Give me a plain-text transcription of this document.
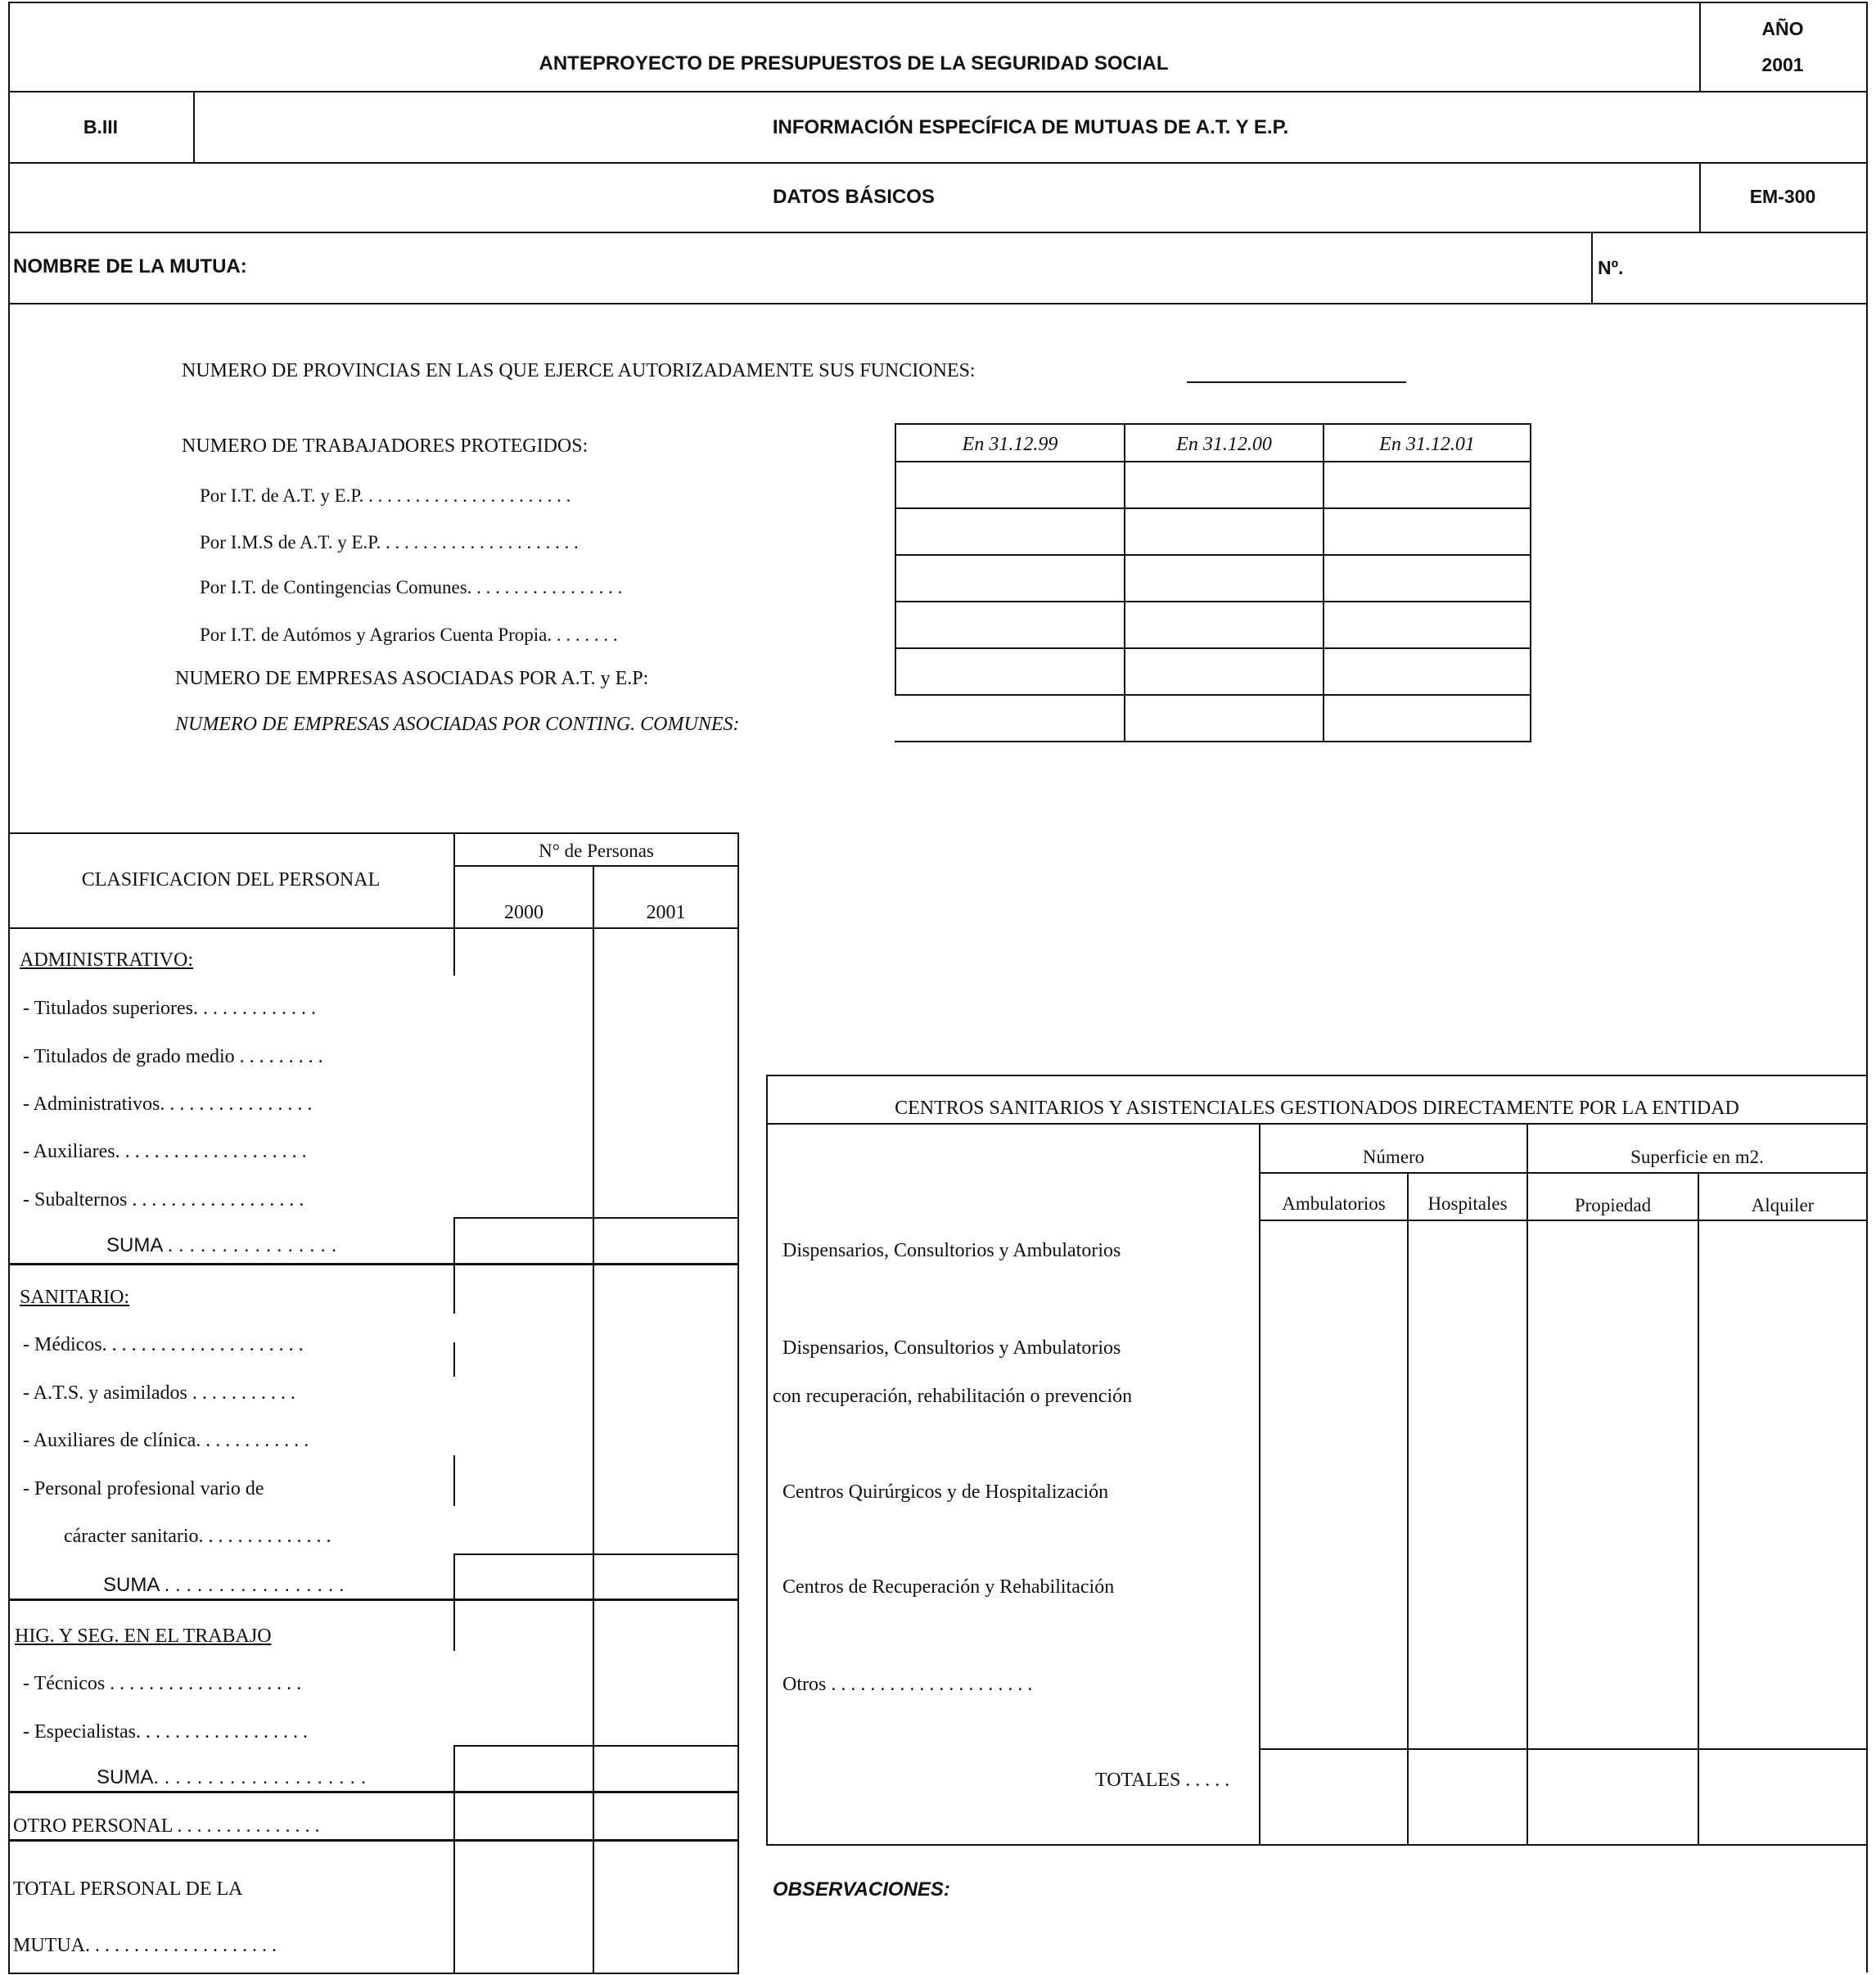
ANTEPROYECTO DE PRESUPUESTOS DE LA SEGURIDAD SOCIAL
AÑO
2001
B.III	INFORMACIÓN ESPECÍFICA DE MUTUAS DE A.T. Y E.P.
DATOS BÁSICOS	EM-300
NOMBRE DE LA MUTUA:	Nº.
NUMERO DE PROVINCIAS EN LAS QUE EJERCE AUTORIZADAMENTE SUS FUNCIONES:
NUMERO DE TRABAJADORES PROTEGIDOS:	En 31.12.99	En 31.12.00	En 31.12.01
Por I.T. de A.T. y E.P. . . . . . . . . . . . . . . . . . . . . . .
Por I.M.S de A.T. y E.P. . . . . . . . . . . . . . . . . . . . . .
Por I.T. de Contingencias Comunes. . . . . . . . . . . . . . . . .
Por I.T. de Autómos y Agrarios Cuenta Propia. . . . . . . .
NUMERO DE EMPRESAS ASOCIADAS POR A.T. y E.P:
NUMERO DE EMPRESAS ASOCIADAS POR CONTING. COMUNES:
CLASIFICACION DEL PERSONAL
N° de Personas
2000	2001
ADMINISTRATIVO:
- Titulados superiores. . . . . . . . . . . . .
- Titulados de grado medio . . . . . . . . .
- Administrativos. . . . . . . . . . . . . . . .
- Auxiliares. . . . . . . . . . . . . . . . . . . .
- Subalternos . . . . . . . . . . . . . . . . . .
SUMA . . . . . . . . . . . . . . . .
SANITARIO:
- Médicos. . . . . . . . . . . . . . . . . . . . .
- A.T.S. y asimilados . . . . . . . . . . .
- Auxiliares de clínica. . . . . . . . . . . .
- Personal profesional vario de
cáracter sanitario. . . . . . . . . . . . . .
SUMA . . . . . . . . . . . . . . . . .
HIG. Y SEG. EN EL TRABAJO
- Técnicos . . . . . . . . . . . . . . . . . . . .
- Especialistas. . . . . . . . . . . . . . . . . .
SUMA. . . . . . . . . . . . . . . . . . . .
OTRO PERSONAL . . . . . . . . . . . . . . .
TOTAL PERSONAL DE LA
MUTUA. . . . . . . . . . . . . . . . . . . .
CENTROS SANITARIOS Y ASISTENCIALES GESTIONADOS DIRECTAMENTE POR LA ENTIDAD
Número	Superficie en m2.
Ambulatorios	Hospitales	Propiedad	Alquiler
Dispensarios, Consultorios y Ambulatorios
Dispensarios, Consultorios y Ambulatorios
con recuperación, rehabilitación o prevención
Centros Quirúrgicos y de Hospitalización
Centros de Recuperación y Rehabilitación
Otros . . . . . . . . . . . . . . . . . . . . .
TOTALES . . . . .
OBSERVACIONES:
